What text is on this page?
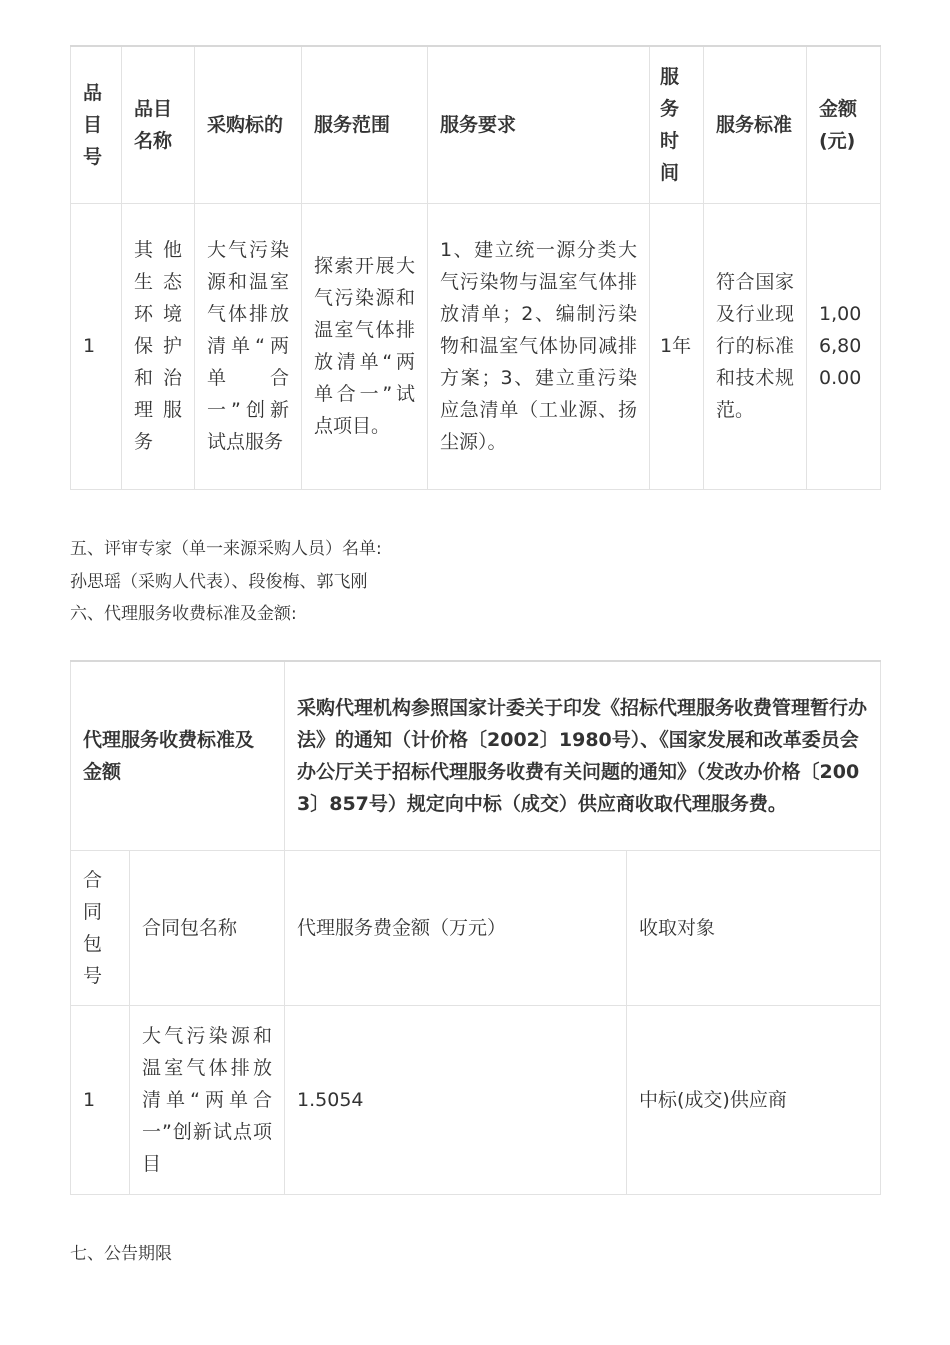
品目号	品目名称	采购标的	服务范围	服务要求	服务时间	服务标准	金额(元)
1	其他生态环境保护和治理服务	大气污染源和温室气体排放清单“两单合一”创新试点服务	探索开展大气污染源和温室气体排放清单“两单合一”试点项目。	1、建立统一源分类大气污染物与温室气体排放清单；2、编制污染物和温室气体协同减排方案；3、建立重污染应急清单（工业源、扬尘源）。	1年	符合国家及行业现行的标准和技术规范。	1,006,800.00
五、评审专家（单一来源采购人员）名单:
孙思瑶（采购人代表）、段俊梅、郭飞刚
六、代理服务收费标准及金额:
代理服务收费标准及金额		采购代理机构参照国家计委关于印发《招标代理服务收费管理暂行办法》的通知（计价格〔2002〕1980号）、《国家发展和改革委员会办公厅关于招标代理服务收费有关问题的通知》（发改办价格〔2003〕857号）规定向中标（成交）供应商收取代理服务费。	
合同包号	合同包名称	代理服务费金额（万元）	收取对象
1	大气污染源和温室气体排放清单“两单合一”创新试点项目	1.5054	中标(成交)供应商
七、公告期限
